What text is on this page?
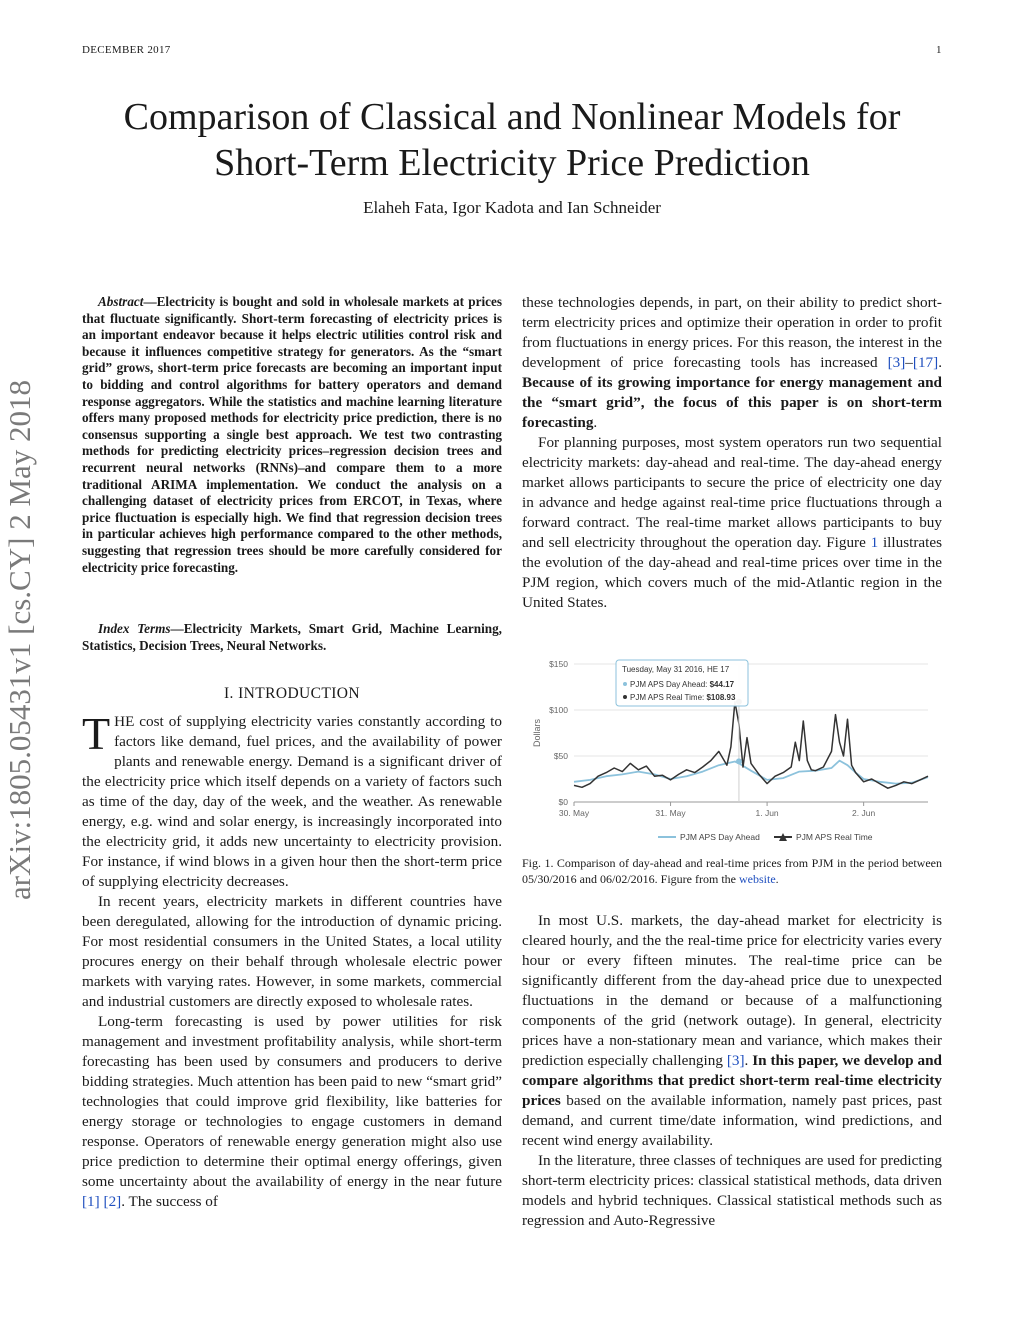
DECEMBER 2017	1
Comparison of Classical and Nonlinear Models for
Short-Term Electricity Price Prediction
Elaheh Fata, Igor Kadota and Ian Schneider
arXiv:1805.05431v1 [cs.CY] 2 May 2018

Abstract—Electricity is bought and sold in wholesale markets at prices that fluctuate significantly. Short-term forecasting of electricity prices is an important endeavor because it helps electric utilities control risk and because it influences competitive strategy for generators. As the “smart grid” grows, short-term price forecasts are becoming an important input to bidding and control algorithms for battery operators and demand response aggregators. While the statistics and machine learning literature offers many proposed methods for electricity price prediction, there is no consensus supporting a single best approach. We test two contrasting methods for predicting electricity prices–regression decision trees and recurrent neural networks (RNNs)–and compare them to a more traditional ARIMA implementation. We conduct the analysis on a challenging dataset of electricity prices from ERCOT, in Texas, where price fluctuation is especially high. We find that regression decision trees in particular achieves high performance compared to the other methods, suggesting that regression trees should be more carefully considered for electricity price forecasting.

Index Terms—Electricity Markets, Smart Grid, Machine Learning, Statistics, Decision Trees, Neural Networks.

I. INTRODUCTION

THE cost of supplying electricity varies constantly according to factors like demand, fuel prices, and the availability of power plants and renewable energy. Demand is a significant driver of the electricity price which itself depends on a variety of factors such as time of the day, day of the week, and the weather. As renewable energy, e.g. wind and solar energy, is increasingly incorporated into the electricity grid, it adds new uncertainty to electricity provision. For instance, if wind blows in a given hour then the short-term price of supplying electricity decreases.

In recent years, electricity markets in different countries have been deregulated, allowing for the introduction of dynamic pricing. For most residential consumers in the United States, a local utility procures energy on their behalf through wholesale electric power markets with varying rates. However, in some markets, commercial and industrial customers are directly exposed to wholesale rates.

Long-term forecasting is used by power utilities for risk management and investment profitability analysis, while short-term forecasting has been used by consumers and producers to derive bidding strategies. Much attention has been paid to new “smart grid” technologies that could improve grid flexibility, like batteries for energy storage or technologies to engage customers in demand response. Operators of renewable energy generation might also use price prediction to determine their optimal energy offerings, given some uncertainty about the availability of energy in the near future [1] [2]. The success of

these technologies depends, in part, on their ability to predict short-term electricity prices and optimize their operation in order to profit from fluctuations in energy prices. For this reason, the interest in the development of price forecasting tools has increased [3]–[17]. Because of its growing importance for energy management and the “smart grid”, the focus of this paper is on short-term forecasting.

For planning purposes, most system operators run two sequential electricity markets: day-ahead and real-time. The day-ahead energy market allows participants to secure the price of electricity one day in advance and hedge against real-time price fluctuations through a forward contract. The real-time market allows participants to buy and sell electricity throughout the operation day. Figure 1 illustrates the evolution of the day-ahead and real-time prices over time in the PJM region, which covers much of the mid-Atlantic region in the United States.

$0
$50
$100
$150
Dollars
30. May	31. May	1. Jun	2. Jun
Tuesday, May 31 2016, HE 17
PJM APS Day Ahead: $44.17
PJM APS Real Time: $108.93
PJM APS Day Ahead	PJM APS Real Time
Fig. 1. Comparison of day-ahead and real-time prices from PJM in the period between 05/30/2016 and 06/02/2016. Figure from the website.

In most U.S. markets, the day-ahead market for electricity is cleared hourly, and the the real-time price for electricity varies every hour or every fifteen minutes. The real-time price can be significantly different from the day-ahead price due to unexpected fluctuations in the demand or because of a malfunctioning components of the grid (network outage). In general, electricity prices have a non-stationary mean and variance, which makes their prediction especially challenging [3]. In this paper, we develop and compare algorithms that predict short-term real-time electricity prices based on the available information, namely past prices, past demand, and current time/date information, wind predictions, and recent wind energy availability.

In the literature, three classes of techniques are used for predicting short-term electricity prices: classical statistical methods, data driven models and hybrid techniques. Classical statistical methods such as regression and Auto-Regressive
